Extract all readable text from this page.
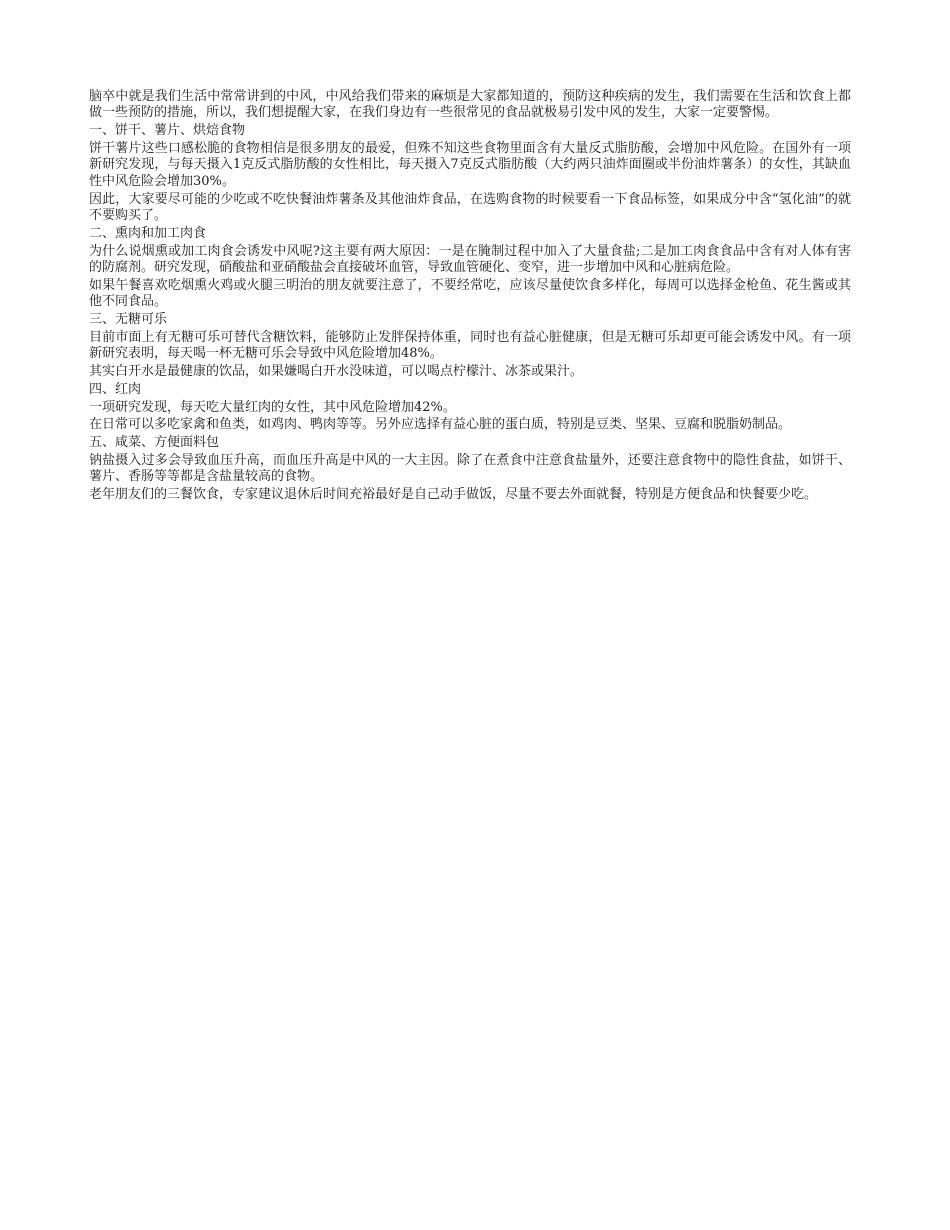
脑卒中就是我们生活中常常讲到的中风，中风给我们带来的麻烦是大家都知道的，预防这种疾病的发生，我们需要在生活和饮食上都做一些预防的措施，所以，我们想提醒大家，在我们身边有一些很常见的食品就极易引发中风的发生，大家一定要警惕。

一、饼干、薯片、烘焙食物

饼干薯片这些口感松脆的食物相信是很多朋友的最爱，但殊不知这些食物里面含有大量反式脂肪酸，会增加中风危险。在国外有一项新研究发现，与每天摄入1克反式脂肪酸的女性相比，每天摄入7克反式脂肪酸（大约两只油炸面圈或半份油炸薯条）的女性，其缺血性中风危险会增加30%。

因此，大家要尽可能的少吃或不吃快餐油炸薯条及其他油炸食品，在选购食物的时候要看一下食品标签，如果成分中含“氢化油”的就不要购买了。

二、熏肉和加工肉食

为什么说烟熏或加工肉食会诱发中风呢?这主要有两大原因：一是在腌制过程中加入了大量食盐;二是加工肉食食品中含有对人体有害的防腐剂。研究发现，硝酸盐和亚硝酸盐会直接破坏血管，导致血管硬化、变窄，进一步增加中风和心脏病危险。

如果午餐喜欢吃烟熏火鸡或火腿三明治的朋友就要注意了，不要经常吃，应该尽量使饮食多样化，每周可以选择金枪鱼、花生酱或其他不同食品。

三、无糖可乐

目前市面上有无糖可乐可替代含糖饮料，能够防止发胖保持体重，同时也有益心脏健康，但是无糖可乐却更可能会诱发中风。有一项新研究表明，每天喝一杯无糖可乐会导致中风危险增加48%。

其实白开水是最健康的饮品，如果嫌喝白开水没味道，可以喝点柠檬汁、冰茶或果汁。

四、红肉

一项研究发现，每天吃大量红肉的女性，其中风危险增加42%。

在日常可以多吃家禽和鱼类，如鸡肉、鸭肉等等。另外应选择有益心脏的蛋白质，特别是豆类、坚果、豆腐和脱脂奶制品。

五、咸菜、方便面料包

钠盐摄入过多会导致血压升高，而血压升高是中风的一大主因。除了在煮食中注意食盐量外，还要注意食物中的隐性食盐，如饼干、薯片、香肠等等都是含盐量较高的食物。

老年朋友们的三餐饮食，专家建议退休后时间充裕最好是自己动手做饭，尽量不要去外面就餐，特别是方便食品和快餐要少吃。
